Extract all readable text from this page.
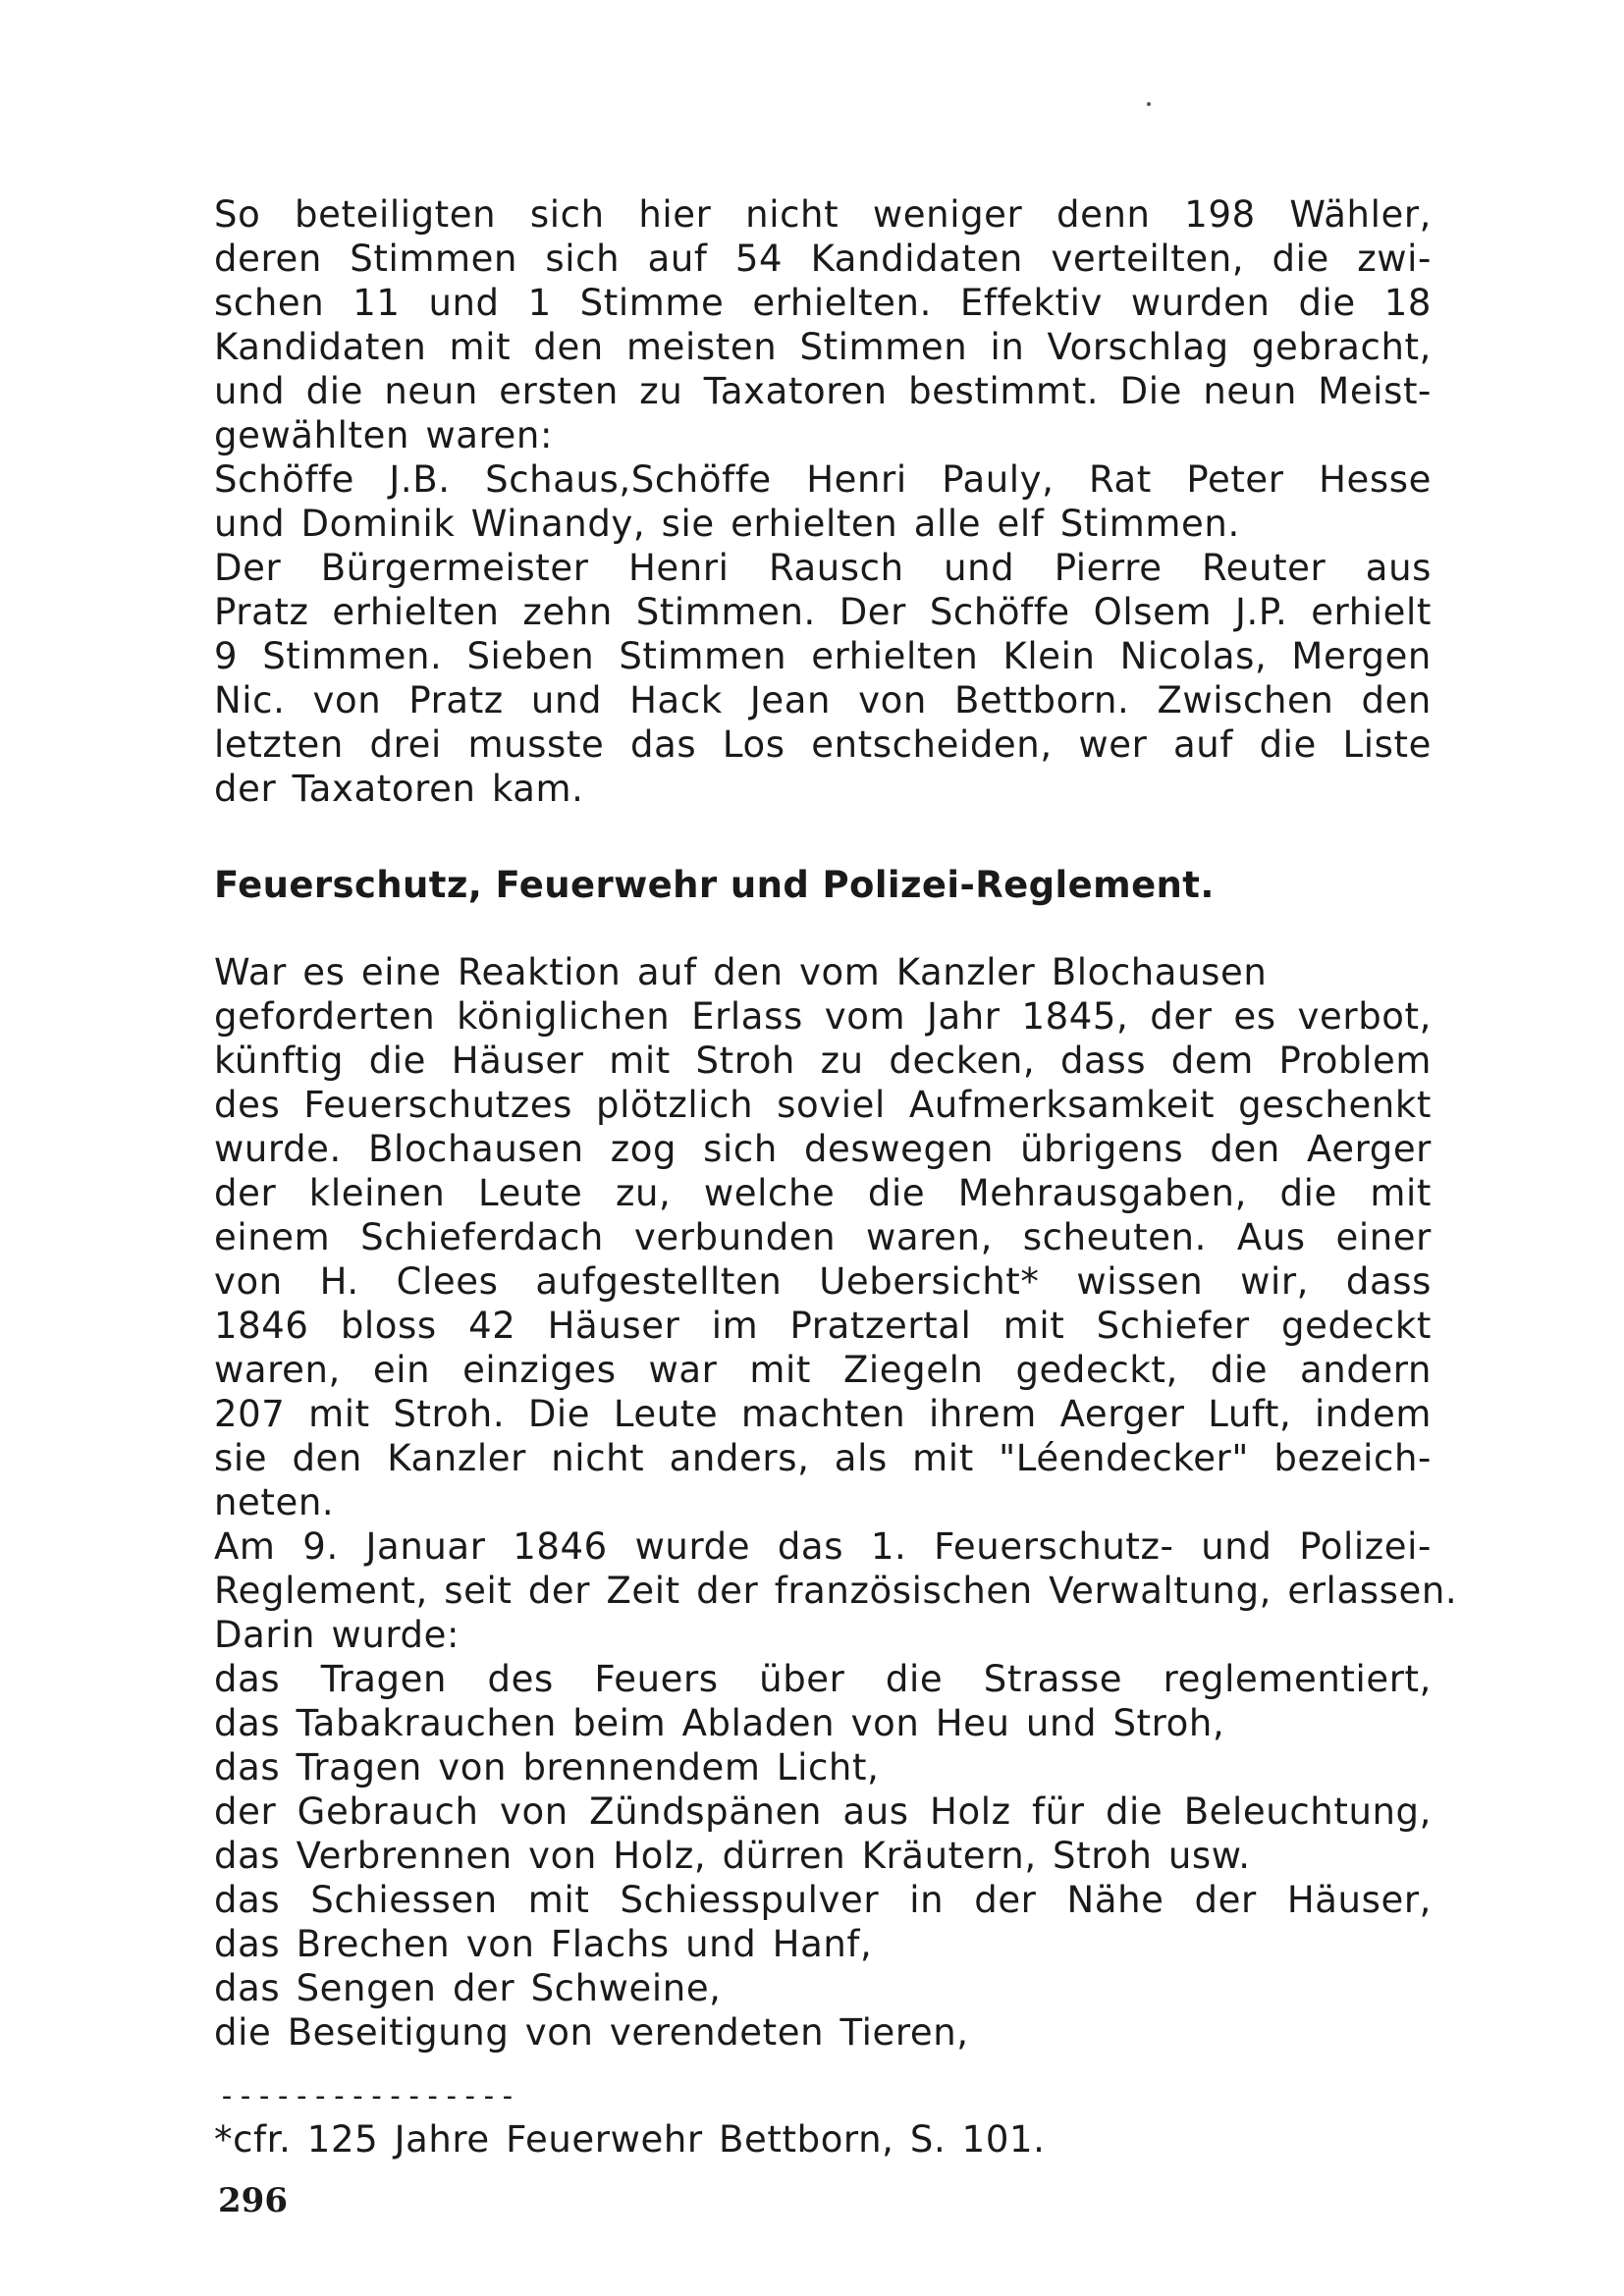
So beteiligten sich hier nicht weniger denn 198 Wähler,
deren Stimmen sich auf 54 Kandidaten verteilten, die zwi-
schen 11 und 1 Stimme erhielten. Effektiv wurden die 18
Kandidaten mit den meisten Stimmen in Vorschlag gebracht,
und die neun ersten zu Taxatoren bestimmt. Die neun Meist-
gewählten waren:
Schöffe J.B. Schaus,Schöffe Henri Pauly, Rat Peter Hesse
und Dominik Winandy, sie erhielten alle elf Stimmen.
Der Bürgermeister Henri Rausch und Pierre Reuter aus
Pratz erhielten zehn Stimmen. Der Schöffe Olsem J.P. erhielt
9 Stimmen. Sieben Stimmen erhielten Klein Nicolas, Mergen
Nic. von Pratz und Hack Jean von Bettborn. Zwischen den
letzten drei musste das Los entscheiden, wer auf die Liste
der Taxatoren kam.
Feuerschutz, Feuerwehr und Polizei-Reglement.
War es eine Reaktion auf den vom Kanzler Blochausen
geforderten königlichen Erlass vom Jahr 1845, der es verbot,
künftig die Häuser mit Stroh zu decken, dass dem Problem
des Feuerschutzes plötzlich soviel Aufmerksamkeit geschenkt
wurde. Blochausen zog sich deswegen übrigens den Aerger
der kleinen Leute zu, welche die Mehrausgaben, die mit
einem Schieferdach verbunden waren, scheuten. Aus einer
von H. Clees aufgestellten Uebersicht* wissen wir, dass
1846 bloss 42 Häuser im Pratzertal mit Schiefer gedeckt
waren, ein einziges war mit Ziegeln gedeckt, die andern
207 mit Stroh. Die Leute machten ihrem Aerger Luft, indem
sie den Kanzler nicht anders, als mit "Léendecker" bezeich-
neten.
Am 9. Januar 1846 wurde das 1. Feuerschutz- und Polizei-
Reglement, seit der Zeit der französischen Verwaltung, erlassen.
Darin wurde:
das Tragen des Feuers über die Strasse reglementiert,
das Tabakrauchen beim Abladen von Heu und Stroh,
das Tragen von brennendem Licht,
der Gebrauch von Zündspänen aus Holz für die Beleuchtung,
das Verbrennen von Holz, dürren Kräutern, Stroh usw.
das Schiessen mit Schiesspulver in der Nähe der Häuser,
das Brechen von Flachs und Hanf,
das Sengen der Schweine,
die Beseitigung von verendeten Tieren,
----------------
*cfr. 125 Jahre Feuerwehr Bettborn, S. 101.
296
